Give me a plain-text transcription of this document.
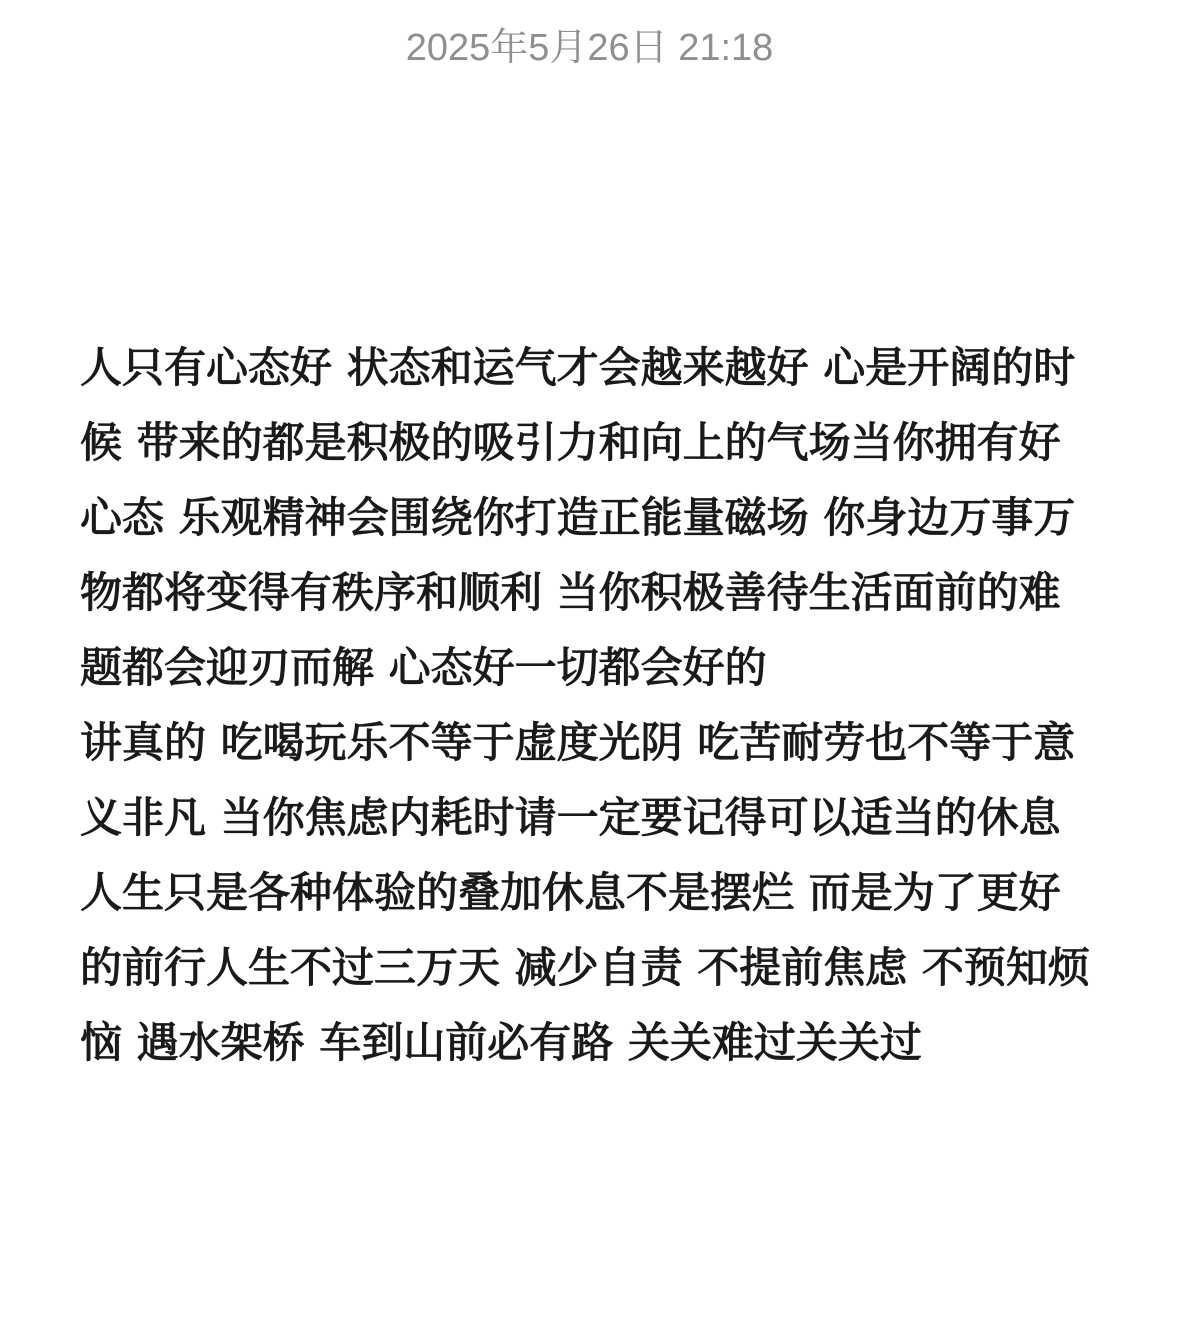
2025年5月26日 21:18

人只有心态好 状态和运气才会越来越好 心是开阔的时候 带来的都是积极的吸引力和向上的气场当你拥有好心态 乐观精神会围绕你打造正能量磁场 你身边万事万物都将变得有秩序和顺利 当你积极善待生活面前的难题都会迎刃而解 心态好一切都会好的

讲真的 吃喝玩乐不等于虚度光阴 吃苦耐劳也不等于意义非凡 当你焦虑内耗时请一定要记得可以适当的休息 人生只是各种体验的叠加休息不是摆烂 而是为了更好的前行人生不过三万天 减少自责 不提前焦虑 不预知烦恼 遇水架桥 车到山前必有路 关关难过关关过
